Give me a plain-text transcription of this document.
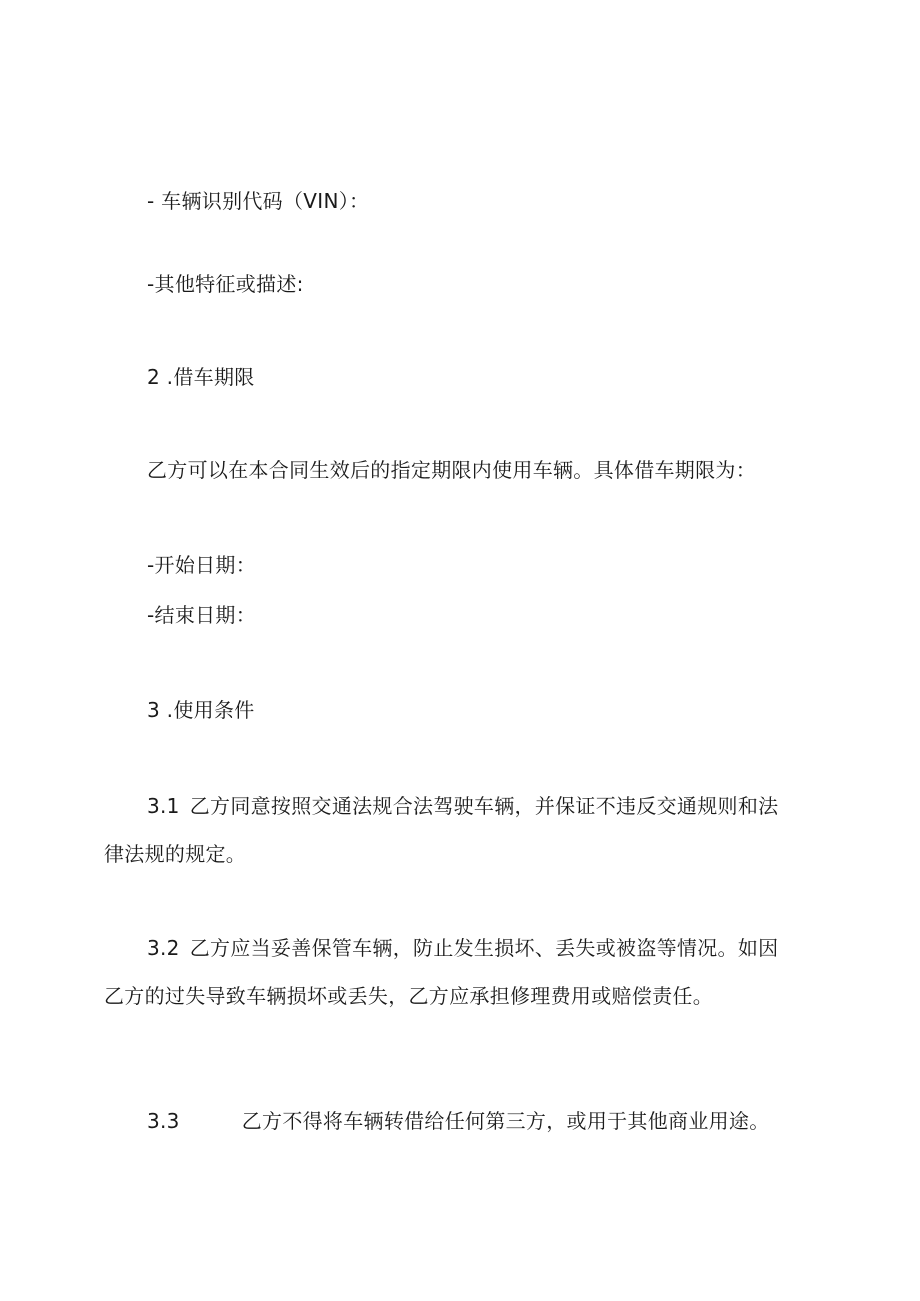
- 车辆识别代码（VIN）：
-其他特征或描述:
2 .借车期限
乙方可以在本合同生效后的指定期限内使用车辆。具体借车期限为：
-开始日期：
-结束日期：
3 .使用条件
3.1 乙方同意按照交通法规合法驾驶车辆，并保证不违反交通规则和法
律法规的规定。
3.2 乙方应当妥善保管车辆，防止发生损坏、丢失或被盗等情况。如因
乙方的过失导致车辆损坏或丢失，乙方应承担修理费用或赔偿责任。
3.3	乙方不得将车辆转借给任何第三方，或用于其他商业用途。
